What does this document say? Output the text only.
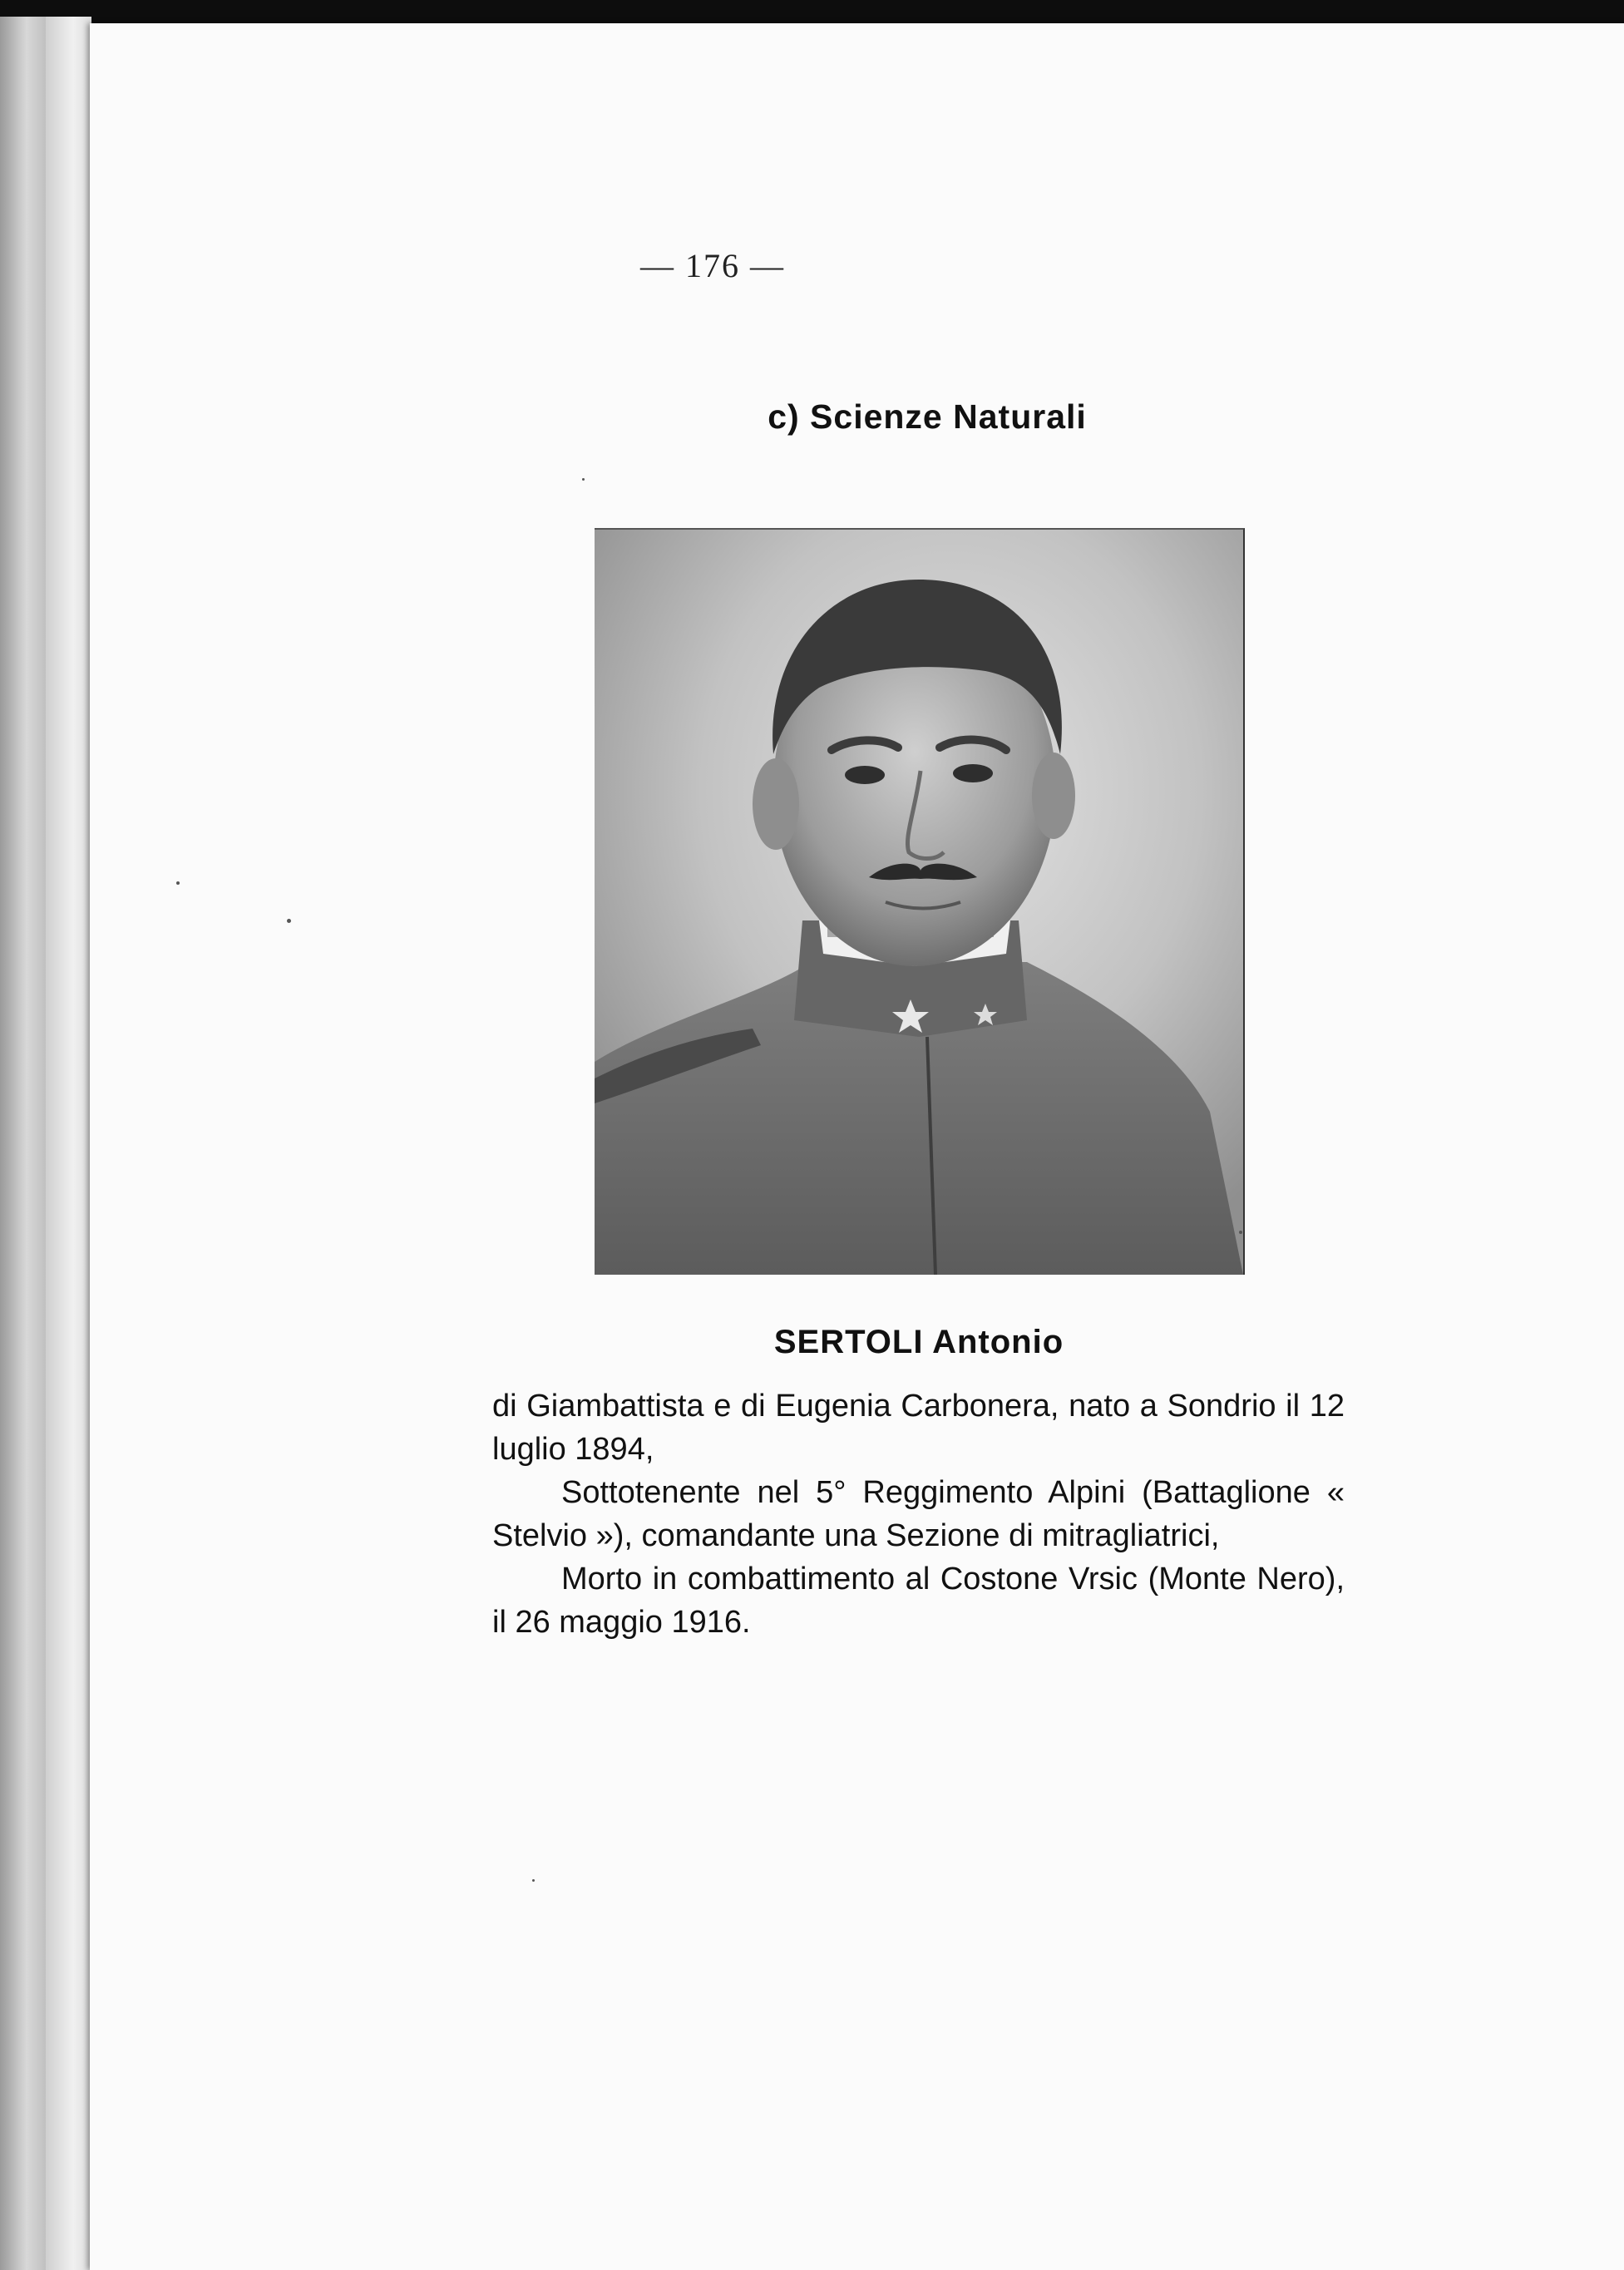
— 176 —
c) Scienze Naturali
SERTOLI Antonio

di Giambattista e di Eugenia Carbonera, nato a Sondrio il 12 luglio 1894,

Sottotenente nel 5° Reggimento Alpini (Battaglione « Stelvio »), comandante una Sezione di mitragliatrici,

Morto in combattimento al Costone Vrsic (Monte Nero), il 26 maggio 1916.
